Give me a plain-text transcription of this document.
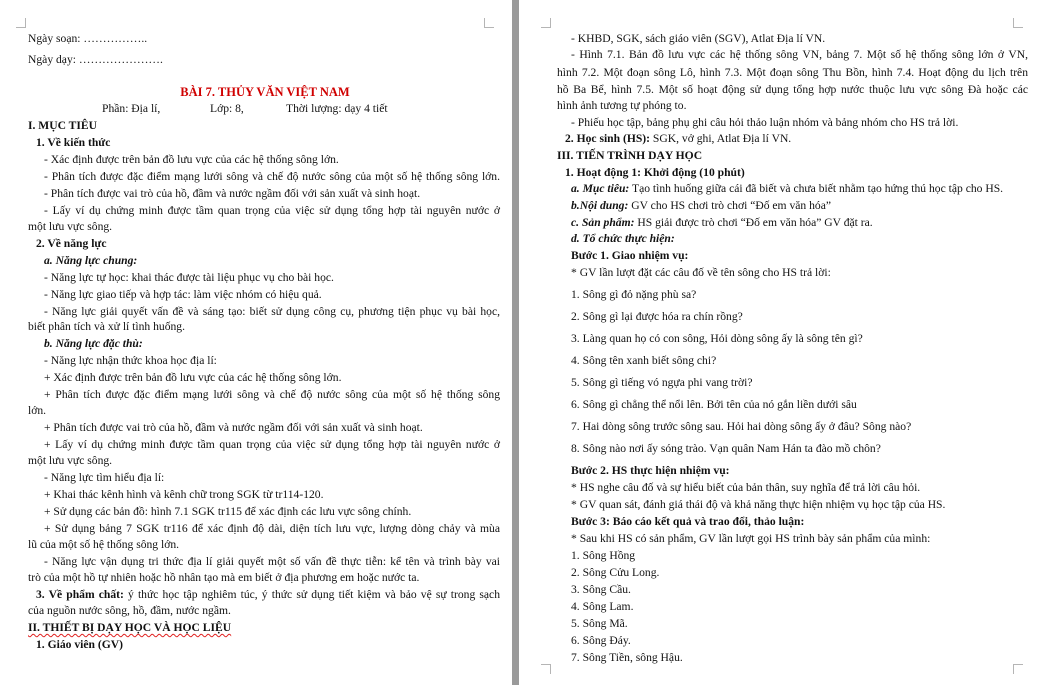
Ngày soạn: ……………..
Ngày dạy: ………………….
BÀI 7. THỦY VĂN VIỆT NAM
Phần: Địa lí,	Lớp: 8,	Thời lượng: dạy 4 tiết
I. MỤC TIÊU
1. Về kiến thức
- Xác định được trên bản đồ lưu vực của các hệ thống sông lớn.
- Phân tích được đặc điểm mạng lưới sông và chế độ nước sông của một số hệ thống sông lớn.
- Phân tích được vai trò của hồ, đầm và nước ngầm đối với sản xuất và sinh hoạt.
- Lấy ví dụ chứng minh được tầm quan trọng của việc sử dụng tổng hợp tài nguyên nước ở
một lưu vực sông.
2. Về năng lực
a. Năng lực chung:
- Năng lực tự học: khai thác được tài liệu phục vụ cho bài học.
- Năng lực giao tiếp và hợp tác: làm việc nhóm có hiệu quả.
- Năng lực giải quyết vấn đề và sáng tạo: biết sử dụng công cụ, phương tiện phục vụ bài học,
biết phân tích và xử lí tình huống.
b. Năng lực đặc thù:
- Năng lực nhận thức khoa học địa lí:
+ Xác định được trên bản đồ lưu vực của các hệ thống sông lớn.
+ Phân tích được đặc điểm mạng lưới sông và chế độ nước sông của một số hệ thống sông
lớn.
+ Phân tích được vai trò của hồ, đầm và nước ngầm đối với sản xuất và sinh hoạt.
+ Lấy ví dụ chứng minh được tầm quan trọng của việc sử dụng tổng hợp tài nguyên nước ở
một lưu vực sông.
- Năng lực tìm hiểu địa lí:
+ Khai thác kênh hình và kênh chữ trong SGK từ tr114-120.
+ Sử dụng các bản đồ: hình 7.1 SGK tr115 để xác định các lưu vực sông chính.
+ Sử dụng bảng 7 SGK tr116 để xác định độ dài, diện tích lưu vực, lượng dòng chảy và mùa
lũ của một số hệ thống sông lớn.
- Năng lực vận dụng tri thức địa lí giải quyết một số vấn đề thực tiễn: kể tên và trình bày vai
trò của một hồ tự nhiên hoặc hồ nhân tạo mà em biết ở địa phương em hoặc nước ta.
3. Về phẩm chất: ý thức học tập nghiêm túc, ý thức sử dụng tiết kiệm và bảo vệ sự trong sạch
của nguồn nước sông, hồ, đầm, nước ngầm.
II. THIẾT BỊ DẠY HỌC VÀ HỌC LIỆU
1. Giáo viên (GV)
- KHBD, SGK, sách giáo viên (SGV), Atlat Địa lí VN.
- Hình 7.1. Bản đồ lưu vực các hệ thống sông VN, bảng 7. Một số hệ thống sông lớn ở VN,
hình 7.2. Một đoạn sông Lô, hình 7.3. Một đoạn sông Thu Bồn, hình 7.4. Hoạt động du lịch trên
hồ Ba Bể, hình 7.5. Một số hoạt động sử dụng tổng hợp nước thuộc lưu vực sông Đà hoặc các
hình ảnh tương tự phóng to.
- Phiếu học tập, bảng phụ ghi câu hỏi thảo luận nhóm và bảng nhóm cho HS trả lời.
2. Học sinh (HS): SGK, vở ghi, Atlat Địa lí VN.
III. TIẾN TRÌNH DẠY HỌC
1. Hoạt động 1: Khởi động (10 phút)
a. Mục tiêu: Tạo tình huống giữa cái đã biết và chưa biết nhằm tạo hứng thú học tập cho HS.
b.Nội dung: GV cho HS chơi trò chơi “Đố em văn hóa”
c. Sản phẩm: HS giải được trò chơi “Đố em văn hóa” GV đặt ra.
d. Tổ chức thực hiện:
Bước 1. Giao nhiệm vụ:
* GV lần lượt đặt các câu đố về tên sông cho HS trả lời:
1. Sông gì đỏ nặng phù sa?
2. Sông gì lại được hóa ra chín rồng?
3. Làng quan họ có con sông, Hỏi dòng sông ấy là sông tên gì?
4. Sông tên xanh biết sông chi?
5. Sông gì tiếng vó ngựa phi vang trời?
6. Sông gì chẳng thể nổi lên. Bởi tên của nó gắn liền dưới sâu
7. Hai dòng sông trước sông sau. Hỏi hai dòng sông ấy ở đâu? Sông nào?
8. Sông nào nơi ấy sóng trào. Vạn quân Nam Hán ta đào mồ chôn?
Bước 2. HS thực hiện nhiệm vụ:
* HS nghe câu đố và sự hiểu biết của bản thân, suy nghĩa để trả lời câu hỏi.
* GV quan sát, đánh giá thái độ và khả năng thực hiện nhiệm vụ học tập của HS.
Bước 3: Báo cáo kết quả và trao đổi, thảo luận:
* Sau khi HS có sản phẩm, GV lần lượt gọi HS trình bày sản phẩm của mình:
1. Sông Hồng
2. Sông Cửu Long.
3. Sông Cầu.
4. Sông Lam.
5. Sông Mã.
6. Sông Đáy.
7. Sông Tiền, sông Hậu.
